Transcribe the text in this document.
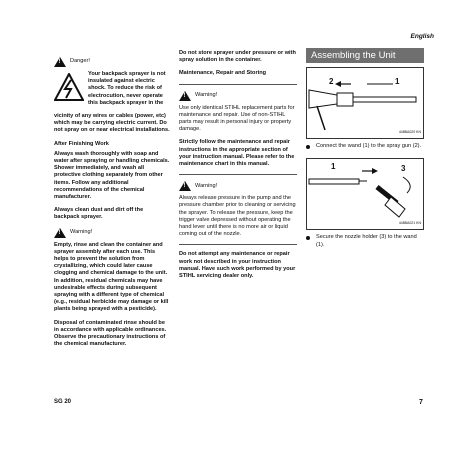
English
!
Danger!

Your backpack sprayer is not insulated against electric shock. To reduce the risk of electrocution, never operate this backpack sprayer in the

vicinity of any wires or cables (power, etc) which may be carrying electric current. Do not spray on or near electrical installations.

After Finishing Work

Always wash thoroughly with soap and water after spraying or handling chemicals. Shower immediately, and wash all protective clothing separately from other items. Follow any additional recommendations of the chemical manufacturer.

Always clean dust and dirt off the backpack sprayer.

!
Warning!

Empty, rinse and clean the container and sprayer assembly after each use. This helps to prevent the solution from crystallizing, which could later cause clogging and chemical damage to the unit. In addition, residual chemicals may have undesirable effects during subsequent spraying with a different type of chemical (e.g., residual herbicide may damage or kill plants being sprayed with a pesticide).

Disposal of contaminated rinse should be in accordance with applicable ordinances. Observe the precautionary instructions of the chemical manufacturer.

Do not store sprayer under pressure or with spray solution in the container.

Maintenance, Repair and Storing

!
Warning!

Use only identical STIHL replacement parts for maintenance and repair. Use of non-STIHL parts may result in personal injury or property damage.

Strictly follow the maintenance and repair instructions in the appropriate section of your instruction manual. Please refer to the maintenance chart in this manual.

!
Warning!

Always release pressure in the pump and the pressure chamber prior to cleaning or servicing the sprayer. To release the pressure, keep the trigger valve depressed without operating the hand lever until there is no more air or liquid coming out of the nozzle.

Do not attempt any maintenance or repair work not described in your instruction manual. Have such work performed by your STIHL servicing dealer only.

Assembling the Unit
2	1
448BA020 KN
Connect the wand (1) to the spray gun (2).
1	3
448BA021 KN
Secure the nozzle holder (3) to the wand (1).
SG 20	7
